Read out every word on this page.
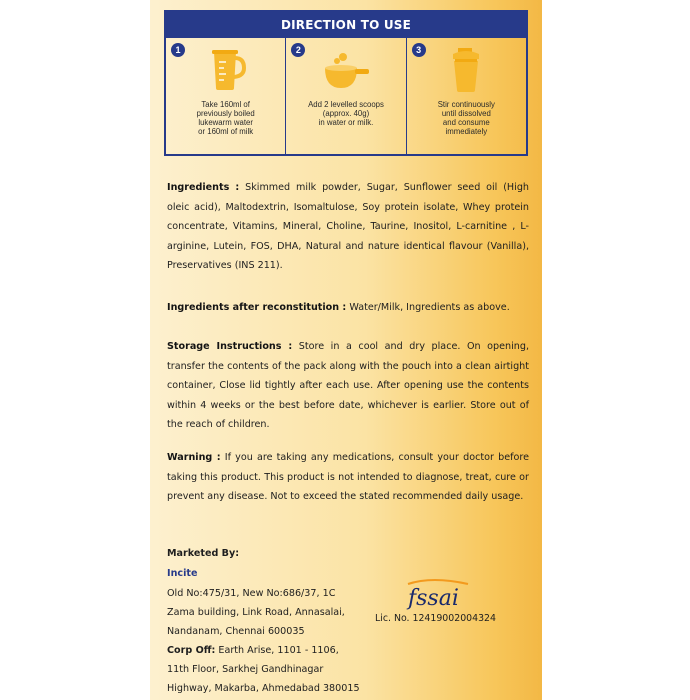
DIRECTION TO USE
1
Take 160ml of
previously boiled
lukewarm water
or 160ml of milk
2
Add 2 levelled scoops
(approx. 40g)
in water or milk.
3
Stir continuously
until dissolved
and consume
immediately
Ingredients : Skimmed milk powder, Sugar, Sunflower seed oil (High oleic acid), Maltodextrin, Isomaltulose, Soy protein isolate, Whey protein concentrate, Vitamins, Mineral, Choline, Taurine, Inositol, L-carnitine , L-arginine, Lutein, FOS, DHA, Natural and nature identical flavour (Vanilla), Preservatives (INS 211).
Ingredients after reconstitution : Water/Milk, Ingredients as above.
Storage Instructions : Store in a cool and dry place. On opening, transfer the contents of the pack along with the pouch into a clean airtight container, Close lid tightly after each use. After opening use the contents within 4 weeks or the best before date, whichever is earlier. Store out of the reach of children.
Warning : If you are taking any medications, consult your doctor before taking this product. This product is not intended to diagnose, treat, cure or prevent any disease. Not to exceed the stated recommended daily usage.
Marketed By:
Incite
Old No:475/31, New No:686/37, 1C
Zama building, Link Road, Annasalai,
Nandanam, Chennai 600035
Corp Off: Earth Arise, 1101 - 1106,
11th Floor, Sarkhej Gandhinagar
Highway, Makarba, Ahmedabad 380015
fssai
Lic. No. 12419002004324
